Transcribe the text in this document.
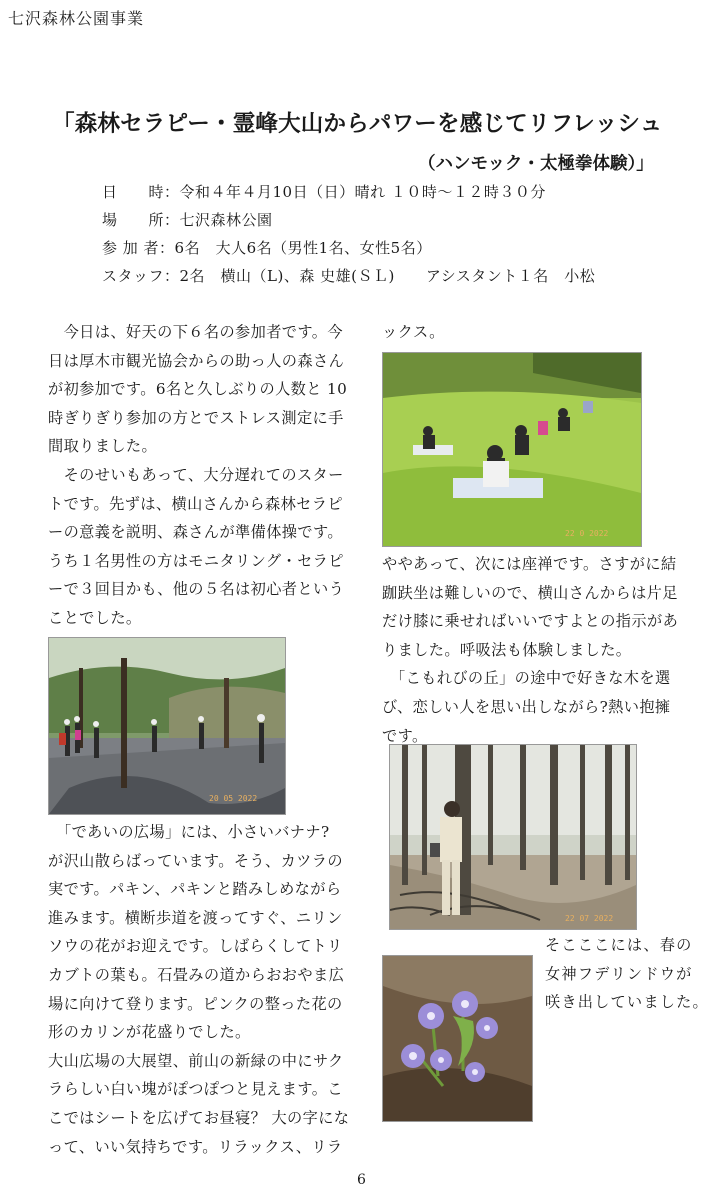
七沢森林公園事業
「森林セラピー・霊峰大山からパワーを感じてリフレッシュ
（ハンモック・太極拳体験）」
日　　時：令和４年４月10日（日）晴れ １０時～１２時３０分
場　　所：七沢森林公園
参 加 者：6名　大人6名（男性1名、女性5名）
スタッフ：2名　横山（L)、森 史雄(ＳＬ)　　アシスタント１名　小松
　今日は、好天の下６名の参加者です。今
日は厚木市観光協会からの助っ人の森さん
が初参加です。6名と久しぶりの人数と 10
時ぎりぎり参加の方とでストレス測定に手
間取りました。
　そのせいもあって、大分遅れてのスター
トです。先ずは、横山さんから森林セラピ
ーの意義を説明、森さんが準備体操です。
うち１名男性の方はモニタリング・セラピ
ーで３回目かも、他の５名は初心者という
ことでした。
20 05 2022
　「であいの広場」には、小さいバナナ?
が沢山散らばっています。そう、カツラの
実です。パキン、パキンと踏みしめながら
進みます。横断歩道を渡ってすぐ、ニリン
ソウの花がお迎えです。しばらくしてトリ
カブトの葉も。石畳みの道からおおやま広
場に向けて登ります。ピンクの整った花の
形のカリンが花盛りでした。
大山広場の大展望、前山の新緑の中にサク
ラらしい白い塊がぽつぽつと見えます。こ
こではシートを広げてお昼寝？ 大の字にな
って、いい気持ちです。リラックス、リラ
ックス。
22 0 2022
ややあって、次には座禅です。さすがに結
跏趺坐は難しいので、横山さんからは片足
だけ膝に乗せればいいですよとの指示があ
りました。呼吸法も体験しました。
　「こもれびの丘」の途中で好きな木を選
び、恋しい人を思い出しながら?熱い抱擁
です。
22 07 2022
そこここには、春の
女神フデリンドウが
咲き出していました。
6
